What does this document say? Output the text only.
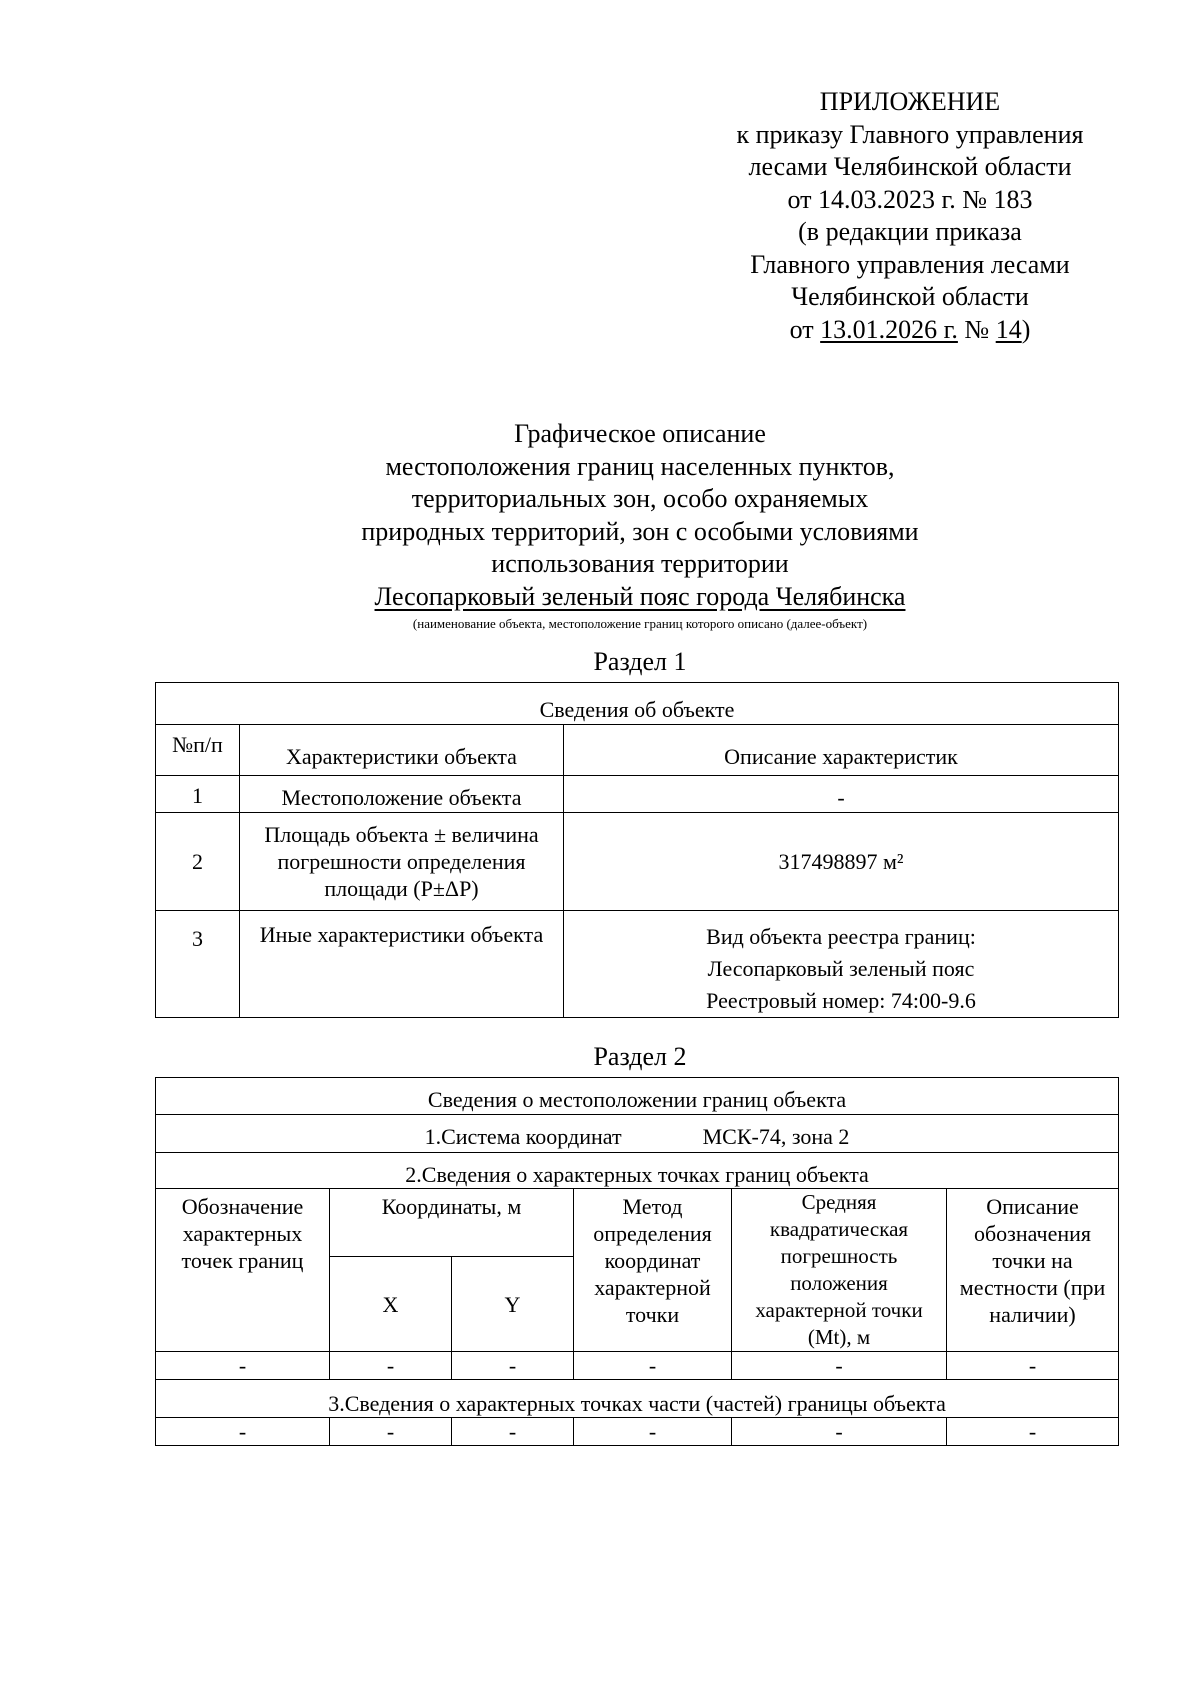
ПРИЛОЖЕНИЕ
к приказу Главного управления
лесами Челябинской области
от 14.03.2023 г. № 183
(в редакции приказа
Главного управления лесами
Челябинской области
от 13.01.2026 г. № 14)
Графическое описание
местоположения границ населенных пунктов,
территориальных зон, особо охраняемых
природных территорий, зон с особыми условиями
использования территории
Лесопарковый зеленый пояс города Челябинска
(наименование объекта, местоположение границ которого описано (далее-объект)
Раздел 1
Сведения об объекте		
№п/п	Характеристики объекта	Описание характеристик
1	Местоположение объекта	-
2	Площадь объекта ± величина погрешности определения площади (P±ΔP)	317498897 м²
3	Иные характеристики объекта	Вид объекта реестра границ:
Лесопарковый зеленый пояс
Реестровый номер: 74:00-9.6
Раздел 2
Сведения о местоположении границ объекта					
1.Система координат МСК-74, зона 2					
2.Сведения о характерных точках границ объекта					
Обозначение характерных точек границ	Координаты, м		Метод определения координат характерной точки	Средняя квадратическая погрешность положения характерной точки (Mt), м	Описание обозначения точки на местности (при наличии)
	X	Y			
-	-	-	-	-	-
3.Сведения о характерных точках части (частей) границы объекта					
-	-	-	-	-	-
